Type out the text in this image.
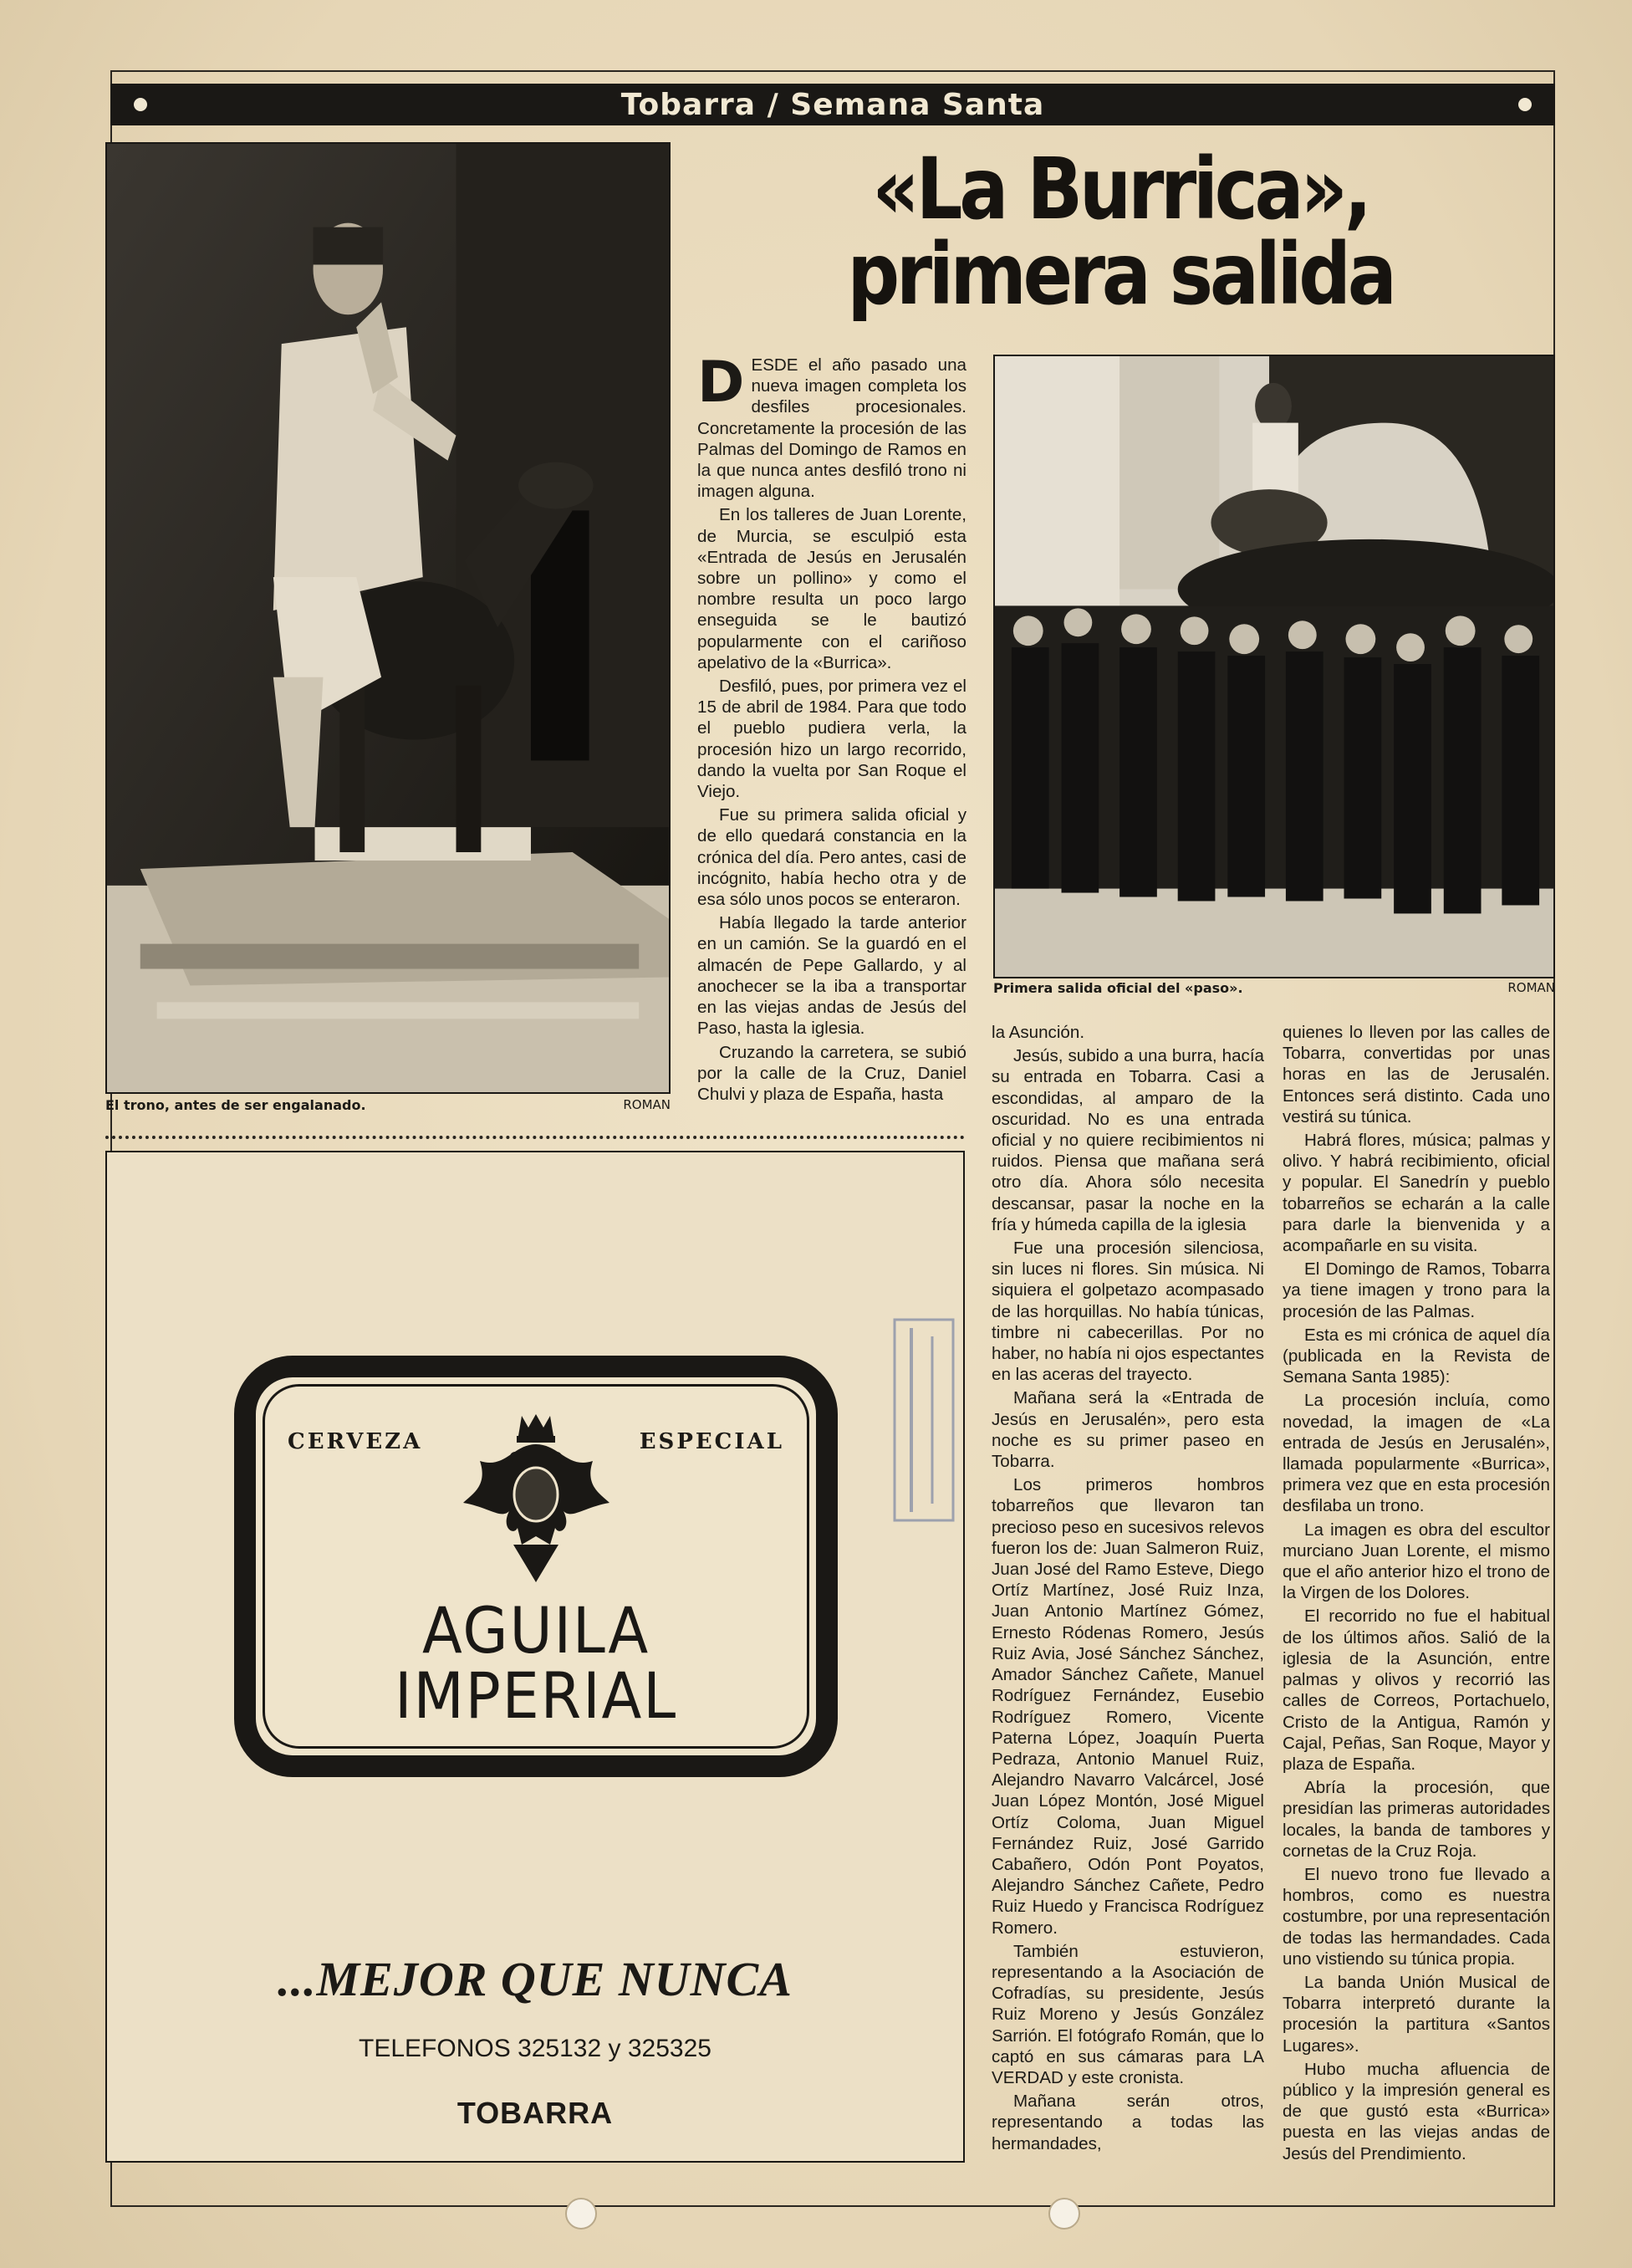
Tobarra / Semana Santa
El trono, antes de ser engalanado.	ROMAN
«La Burrica»,
primera salida
Primera salida oficial del «paso».	ROMAN

DESDE el año pasado una nueva imagen completa los desfiles procesionales. Concretamente la procesión de las Palmas del Domingo de Ramos en la que nunca antes desfiló trono ni imagen alguna.

En los talleres de Juan Lorente, de Murcia, se esculpió esta «Entrada de Jesús en Jerusalén sobre un pollino» y como el nombre resulta un poco largo enseguida se le bautizó popularmente con el cariñoso apelativo de la «Burrica».

Desfiló, pues, por primera vez el 15 de abril de 1984. Para que todo el pueblo pudiera verla, la procesión hizo un largo recorrido, dando la vuelta por San Roque el Viejo.

Fue su primera salida oficial y de ello quedará constancia en la crónica del día. Pero antes, casi de incógnito, había hecho otra y de esa sólo unos pocos se enteraron.

Había llegado la tarde anterior en un camión. Se la guardó en el almacén de Pepe Gallardo, y al anochecer se la iba a transportar en las viejas andas de Jesús del Paso, hasta la iglesia.

Cruzando la carretera, se subió por la calle de la Cruz, Daniel Chulvi y plaza de España, hasta

la Asunción.

Jesús, subido a una burra, hacía su entrada en Tobarra. Casi a escondidas, al amparo de la oscuridad. No es una entrada oficial y no quiere recibimientos ni ruidos. Piensa que mañana será otro día. Ahora sólo necesita descansar, pasar la noche en la fría y húmeda capilla de la iglesia

Fue una procesión silenciosa, sin luces ni flores. Sin música. Ni siquiera el golpetazo acompasado de las horquillas. No había túnicas, timbre ni cabecerillas. Por no haber, no había ni ojos espectantes en las aceras del trayecto.

Mañana será la «Entrada de Jesús en Jerusalén», pero esta noche es su primer paseo en Tobarra.

Los primeros hombros tobarreños que llevaron tan precioso peso en sucesivos relevos fueron los de: Juan Salmeron Ruiz, Juan José del Ramo Esteve, Diego Ortíz Martínez, José Ruiz Inza, Juan Antonio Martínez Gómez, Ernesto Ródenas Romero, Jesús Ruiz Avia, José Sánchez Sánchez, Amador Sánchez Cañete, Manuel Rodríguez Fernández, Eusebio Rodríguez Romero, Vicente Paterna López, Joaquín Puerta Pedraza, Antonio Manuel Ruiz, Alejandro Navarro Valcárcel, José Juan López Montón, José Miguel Ortíz Coloma, Juan Miguel Fernández Ruiz, José Garrido Cabañero, Odón Pont Poyatos, Alejandro Sánchez Cañete, Pedro Ruiz Huedo y Francisca Rodríguez Romero.

También estuvieron, representando a la Asociación de Cofradías, su presidente, Jesús Ruiz Moreno y Jesús González Sarrión. El fotógrafo Román, que lo captó en sus cámaras para LA VERDAD y este cronista.

Mañana serán otros, representando a todas las hermandades,

quienes lo lleven por las calles de Tobarra, convertidas por unas horas en las de Jerusalén. Entonces será distinto. Cada uno vestirá su túnica.

Habrá flores, música; palmas y olivo. Y habrá recibimiento, oficial y popular. El Sanedrín y pueblo tobarreños se echarán a la calle para darle la bienvenida y a acompañarle en su visita.

El Domingo de Ramos, Tobarra ya tiene imagen y trono para la procesión de las Palmas.

Esta es mi crónica de aquel día (publicada en la Revista de Semana Santa 1985):

La procesión incluía, como novedad, la imagen de «La entrada de Jesús en Jerusalén», llamada popularmente «Burrica», primera vez que en esta procesión desfilaba un trono.

La imagen es obra del escultor murciano Juan Lorente, el mismo que el año anterior hizo el trono de la Virgen de los Dolores.

El recorrido no fue el habitual de los últimos años. Salió de la iglesia de la Asunción, entre palmas y olivos y recorrió las calles de Correos, Portachuelo, Cristo de la Antigua, Ramón y Cajal, Peñas, San Roque, Mayor y plaza de España.

Abría la procesión, que presidían las primeras autoridades locales, la banda de tambores y cornetas de la Cruz Roja.

El nuevo trono fue llevado a hombros, como es nuestra costumbre, por una representación de todas las hermandades. Cada uno vistiendo su túnica propia.

La banda Unión Musical de Tobarra interpretó durante la procesión la partitura «Santos Lugares».

Hubo mucha afluencia de público y la impresión general es de que gustó esta «Burrica» puesta en las viejas andas de Jesús del Prendimiento.

CERVEZA	ESPECIAL
AGUILA
IMPERIAL
...MEJOR QUE NUNCA
TELEFONOS 325132 y 325325
TOBARRA
